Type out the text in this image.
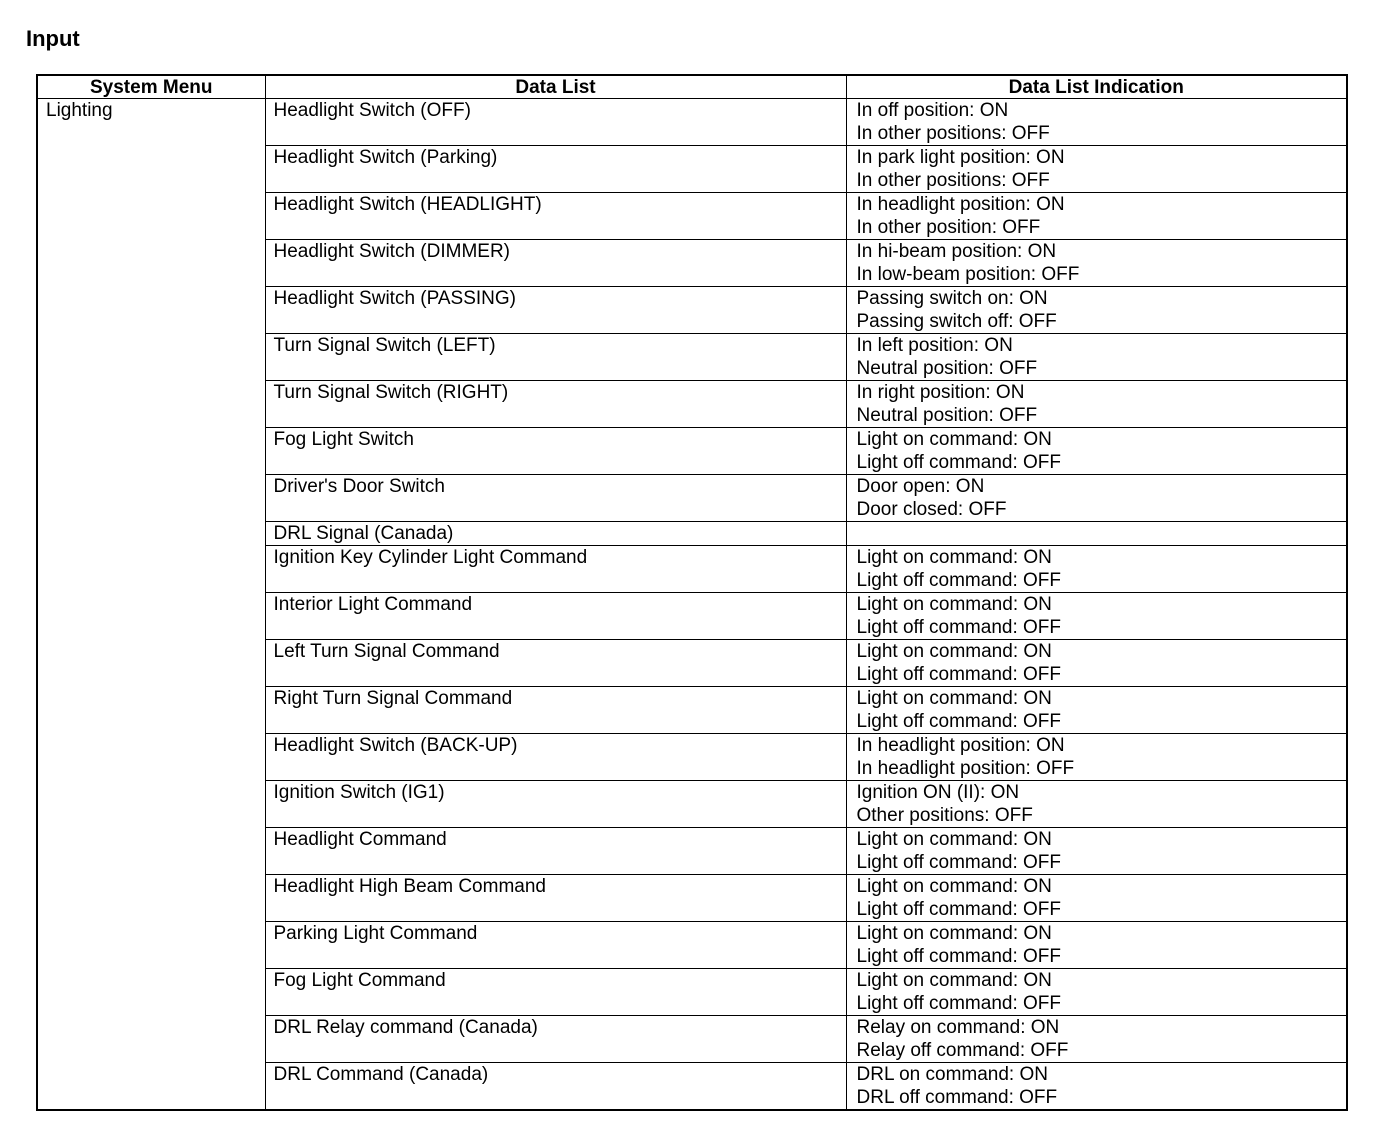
Input
System Menu	Data List	Data List Indication
Lighting	Headlight Switch (OFF)	In off position: ON
In other positions: OFF

	Headlight Switch (Parking)	In park light position: ON
In other positions: OFF

	Headlight Switch (HEADLIGHT)	In headlight position: ON
In other position: OFF

	Headlight Switch (DIMMER)	In hi-beam position: ON
In low-beam position: OFF

	Headlight Switch (PASSING)	Passing switch on: ON
Passing switch off: OFF

	Turn Signal Switch (LEFT)	In left position: ON
Neutral position: OFF

	Turn Signal Switch (RIGHT)	In right position: ON
Neutral position: OFF

	Fog Light Switch	Light on command: ON
Light off command: OFF

	Driver's Door Switch	Door open: ON
Door closed: OFF

	DRL Signal (Canada)	
	Ignition Key Cylinder Light Command	Light on command: ON
Light off command: OFF

	Interior Light Command	Light on command: ON
Light off command: OFF

	Left Turn Signal Command	Light on command: ON
Light off command: OFF

	Right Turn Signal Command	Light on command: ON
Light off command: OFF

	Headlight Switch (BACK-UP)	In headlight position: ON
In headlight position: OFF

	Ignition Switch (IG1)	Ignition ON (II): ON
Other positions: OFF

	Headlight Command	Light on command: ON
Light off command: OFF

	Headlight High Beam Command	Light on command: ON
Light off command: OFF

	Parking Light Command	Light on command: ON
Light off command: OFF

	Fog Light Command	Light on command: ON
Light off command: OFF

	DRL Relay command (Canada)	Relay on command: ON
Relay off command: OFF

	DRL Command (Canada)	DRL on command: ON
DRL off command: OFF
